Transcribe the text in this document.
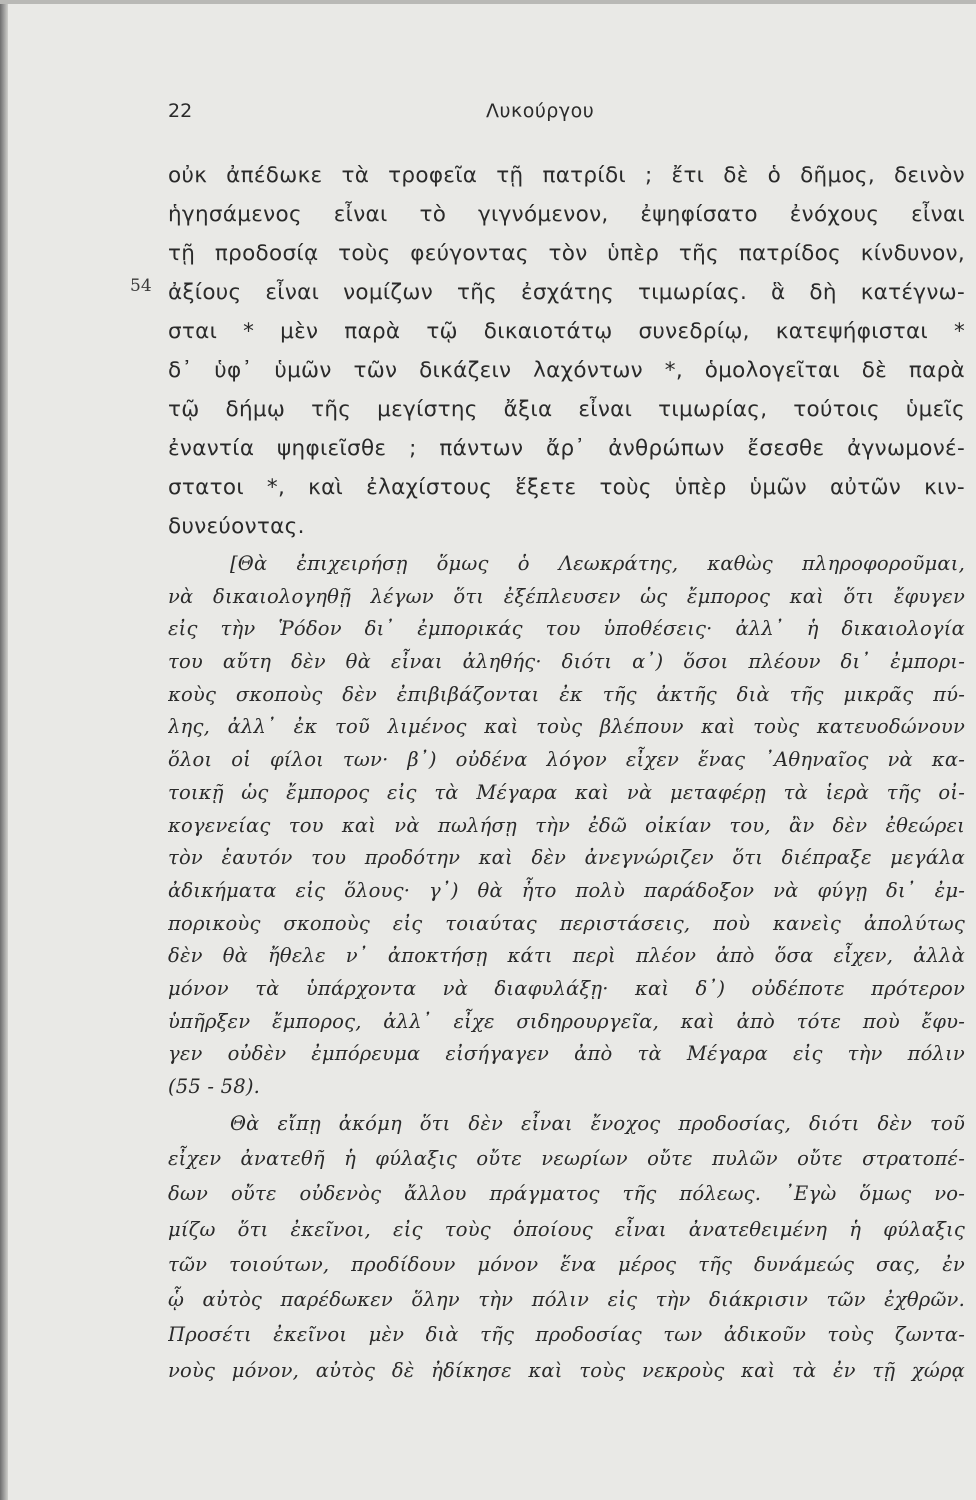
22	Λυκούργου
54
οὐκ ἀπέδωκε τὰ τροφεῖα τῇ πατρίδι ; ἔτι δὲ ὁ δῆμος, δεινὸν
ἡγησάμενος εἶναι τὸ γιγνόμενον, ἐψηφίσατο ἐνόχους εἶναι
τῇ προδοσίᾳ τοὺς φεύγοντας τὸν ὑπὲρ τῆς πατρίδος κίνδυνον,
ἀξίους εἶναι νομίζων τῆς ἐσχάτης τιμωρίας. ἃ δὴ κατέγνω-
σται * μὲν παρὰ τῷ δικαιοτάτῳ συνεδρίῳ, κατεψήφισται *
δ᾽ ὑφ᾽ ὑμῶν τῶν δικάζειν λαχόντων *, ὁμολογεῖται δὲ παρὰ
τῷ δήμῳ τῆς μεγίστης ἄξια εἶναι τιμωρίας, τούτοις ὑμεῖς
ἐναντία ψηφιεῖσθε ; πάντων ἄρ᾽ ἀνθρώπων ἔσεσθε ἀγνωμονέ-
στατοι *, καὶ ἐλαχίστους ἕξετε τοὺς ὑπὲρ ὑμῶν αὐτῶν κιν-
δυνεύοντας.
[Θὰ ἐπιχειρήσῃ ὅμως ὁ Λεωκράτης, καθὼς πληροφοροῦμαι,
νὰ δικαιολογηθῇ λέγων ὅτι ἐξέπλευσεν ὡς ἔμπορος καὶ ὅτι ἔφυγεν
εἰς τὴν Ῥόδον δι᾽ ἐμπορικάς του ὑποθέσεις· ἀλλ᾽ ἡ δικαιολογία
του αὕτη δὲν θὰ εἶναι ἀληθής· διότι α᾽) ὅσοι πλέουν δι᾽ ἐμπορι-
κοὺς σκοποὺς δὲν ἐπιβιβάζονται ἐκ τῆς ἀκτῆς διὰ τῆς μικρᾶς πύ-
λης, ἀλλ᾽ ἐκ τοῦ λιμένος καὶ τοὺς βλέπουν καὶ τοὺς κατευοδώνουν
ὅλοι οἱ φίλοι των· β᾽) οὐδένα λόγον εἶχεν ἕνας ᾿Αθηναῖος νὰ κα-
τοικῇ ὡς ἔμπορος εἰς τὰ Μέγαρα καὶ νὰ μεταφέρῃ τὰ ἱερὰ τῆς οἰ-
κογενείας του καὶ νὰ πωλήσῃ τὴν ἐδῶ οἰκίαν του, ἂν δὲν ἐθεώρει
τὸν ἑαυτόν του προδότην καὶ δὲν ἀνεγνώριζεν ὅτι διέπραξε μεγάλα
ἀδικήματα εἰς ὅλους· γ᾽) θὰ ἦτο πολὺ παράδοξον νὰ φύγῃ δι᾽ ἐμ-
πορικοὺς σκοποὺς εἰς τοιαύτας περιστάσεις, ποὺ κανεὶς ἀπολύτως
δὲν θὰ ἤθελε ν᾽ ἀποκτήσῃ κάτι περὶ πλέον ἀπὸ ὅσα εἶχεν, ἀλλὰ
μόνον τὰ ὑπάρχοντα νὰ διαφυλάξῃ· καὶ δ᾽) οὐδέποτε πρότερον
ὑπῆρξεν ἔμπορος, ἀλλ᾽ εἶχε σιδηρουργεῖα, καὶ ἀπὸ τότε ποὺ ἔφυ-
γεν οὐδὲν ἐμπόρευμα εἰσήγαγεν ἀπὸ τὰ Μέγαρα εἰς τὴν πόλιν
(55 - 58).
Θὰ εἴπῃ ἀκόμη ὅτι δὲν εἶναι ἔνοχος προδοσίας, διότι δὲν τοῦ
εἶχεν ἀνατεθῆ ἡ φύλαξις οὔτε νεωρίων οὔτε πυλῶν οὔτε στρατοπέ-
δων οὔτε οὐδενὸς ἄλλου πράγματος τῆς πόλεως. ᾿Εγὼ ὅμως νο-
μίζω ὅτι ἐκεῖνοι, εἰς τοὺς ὁποίους εἶναι ἀνατεθειμένη ἡ φύλαξις
τῶν τοιούτων, προδίδουν μόνον ἕνα μέρος τῆς δυνάμεώς σας, ἐν
ᾧ αὐτὸς παρέδωκεν ὅλην τὴν πόλιν εἰς τὴν διάκρισιν τῶν ἐχθρῶν.
Προσέτι ἐκεῖνοι μὲν διὰ τῆς προδοσίας των ἀδικοῦν τοὺς ζωντα-
νοὺς μόνον, αὐτὸς δὲ ἠδίκησε καὶ τοὺς νεκροὺς καὶ τὰ ἐν τῇ χώρᾳ
